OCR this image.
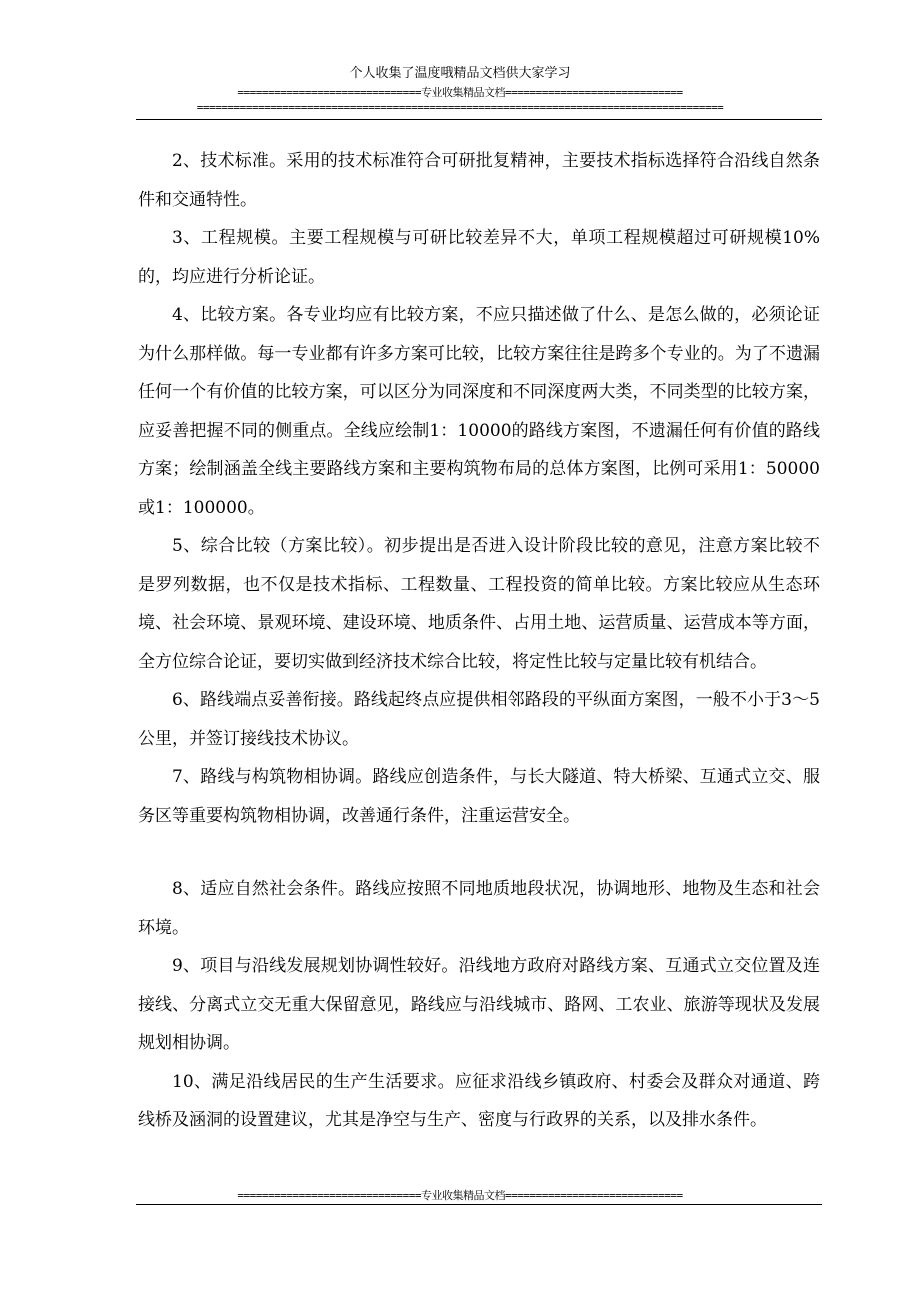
个人收集了温度哦精品文档供大家学习
==============================专业收集精品文档=============================
======================================================================================

2、技术标准。采用的技术标准符合可研批复精神，主要技术指标选择符合沿线自然条件和交通特性。

3、工程规模。主要工程规模与可研比较差异不大，单项工程规模超过可研规模10%的，均应进行分析论证。

4、比较方案。各专业均应有比较方案，不应只描述做了什么、是怎么做的，必须论证为什么那样做。每一专业都有许多方案可比较，比较方案往往是跨多个专业的。为了不遗漏任何一个有价值的比较方案，可以区分为同深度和不同深度两大类，不同类型的比较方案，应妥善把握不同的侧重点。全线应绘制1：10000的路线方案图，不遗漏任何有价值的路线方案；绘制涵盖全线主要路线方案和主要构筑物布局的总体方案图，比例可采用1：50000或1：100000。

5、综合比较（方案比较）。初步提出是否进入设计阶段比较的意见，注意方案比较不是罗列数据，也不仅是技术指标、工程数量、工程投资的简单比较。方案比较应从生态环境、社会环境、景观环境、建设环境、地质条件、占用土地、运营质量、运营成本等方面，全方位综合论证，要切实做到经济技术综合比较，将定性比较与定量比较有机结合。

6、路线端点妥善衔接。路线起终点应提供相邻路段的平纵面方案图，一般不小于3～5公里，并签订接线技术协议。

7、路线与构筑物相协调。路线应创造条件，与长大隧道、特大桥梁、互通式立交、服务区等重要构筑物相协调，改善通行条件，注重运营安全。

8、适应自然社会条件。路线应按照不同地质地段状况，协调地形、地物及生态和社会环境。

9、项目与沿线发展规划协调性较好。沿线地方政府对路线方案、互通式立交位置及连接线、分离式立交无重大保留意见，路线应与沿线城市、路网、工农业、旅游等现状及发展规划相协调。

10、满足沿线居民的生产生活要求。应征求沿线乡镇政府、村委会及群众对通道、跨线桥及涵洞的设置建议，尤其是净空与生产、密度与行政界的关系，以及排水条件。

==============================专业收集精品文档=============================
